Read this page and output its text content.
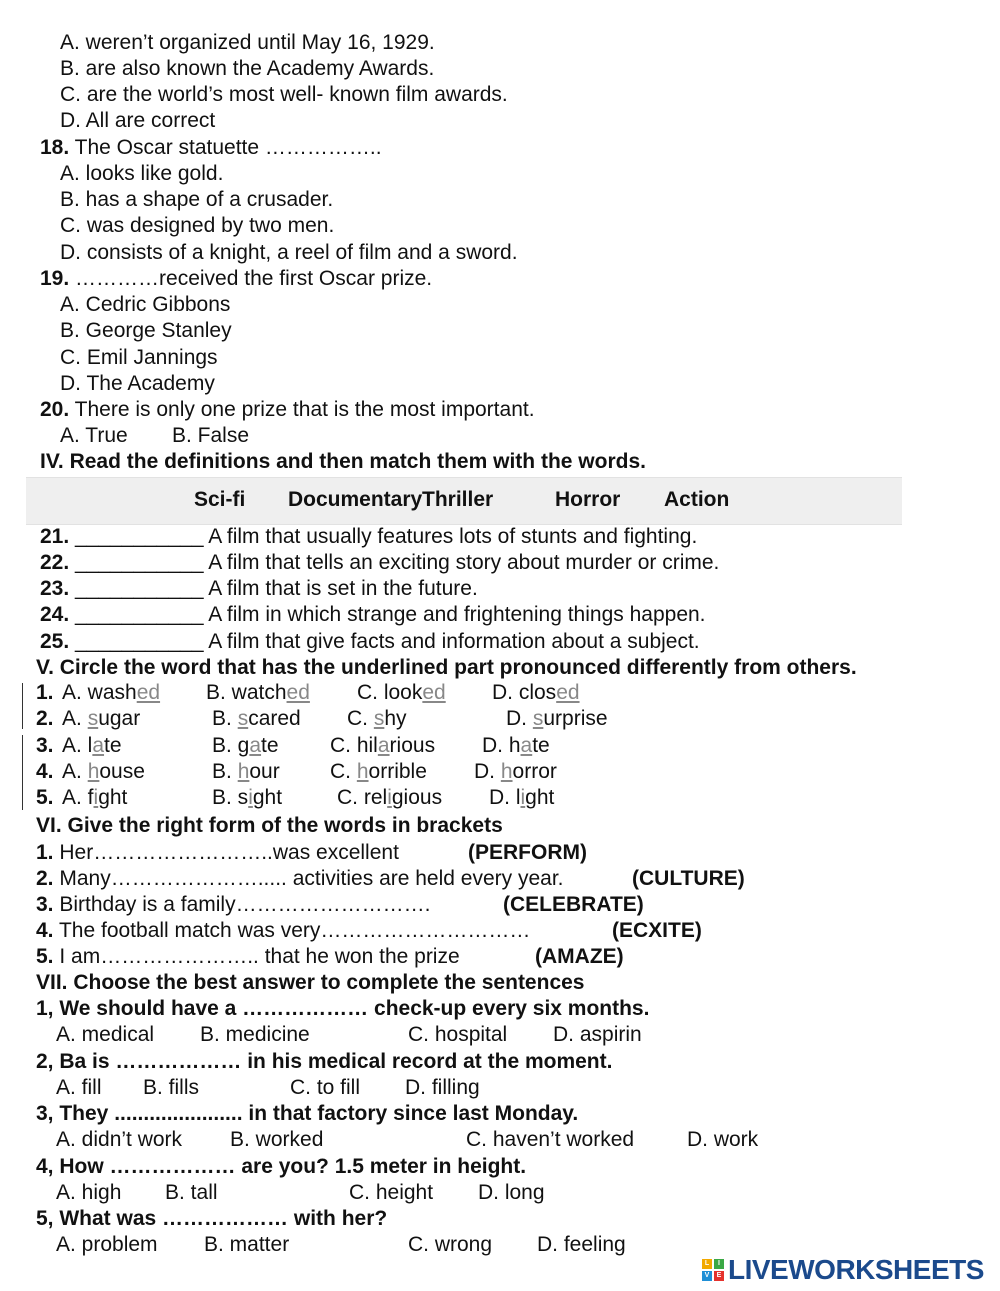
A. weren’t organized until May 16, 1929.
B. are also known the Academy Awards.
C. are the world’s most well- known film awards.
D. All are correct
18. The Oscar statuette ……………..
A. looks like gold.
B. has a shape of a crusader.
C. was designed by two men.
D. consists of a knight, a reel of film and a sword.
19. …………received the first Oscar prize.
A. Cedric Gibbons
B. George Stanley
C. Emil Jannings
D. The Academy
20. There is only one prize that is the most important.
A. True B. False
IV. Read the definitions and then match them with the words.
Sci-fi Documentary Thriller	Horror Action
21. ___________ A film that usually features lots of stunts and fighting.
22. ___________ A film that tells an exciting story about murder or crime.
23. ___________ A film that is set in the future.
24. ___________ A film in which strange and frightening things happen.
25. ___________ A film that give facts and information about a subject.
V. Circle the word that has the underlined part pronounced differently from others.
1. A. washed B. watched C. looked D. closed
2. A. sugar	B. scared C. shy	D. surprise
3. A. late	B. gate C. hilarious D. hate
4. A. house	B. hour C. horrible D. horror
5. A. fight	B. sight	C. religious D. light
VI. Give the right form of the words in brackets
1. Her……………………..was excellent	(PERFORM)
2. Many…………………..... activities are held every year.	(CULTURE)
3. Birthday is a family……………………….	(CELEBRATE)
4. The football match was very…………………………	(ECXITE)
5. I am………………….. that he won the prize	(AMAZE)
VII. Choose the best answer to complete the sentences
1, We should have a ……………… check-up every six months.
A. medical B. medicine	C. hospital D. aspirin
2, Ba is ……………… in his medical record at the moment.
A. fill B. fills	C. to fill D. filling
3, They ...................... in that factory since last Monday.
A. didn’t work B. worked	C. haven’t worked	D. work
4, How ……………… are you? 1.5 meter in height.
A. high B. tall	C. height D. long
5, What was ……………… with her?
A. problem B. matter	C. wrong D. feeling
L	I
V	E LIVEWORKSHEETS
